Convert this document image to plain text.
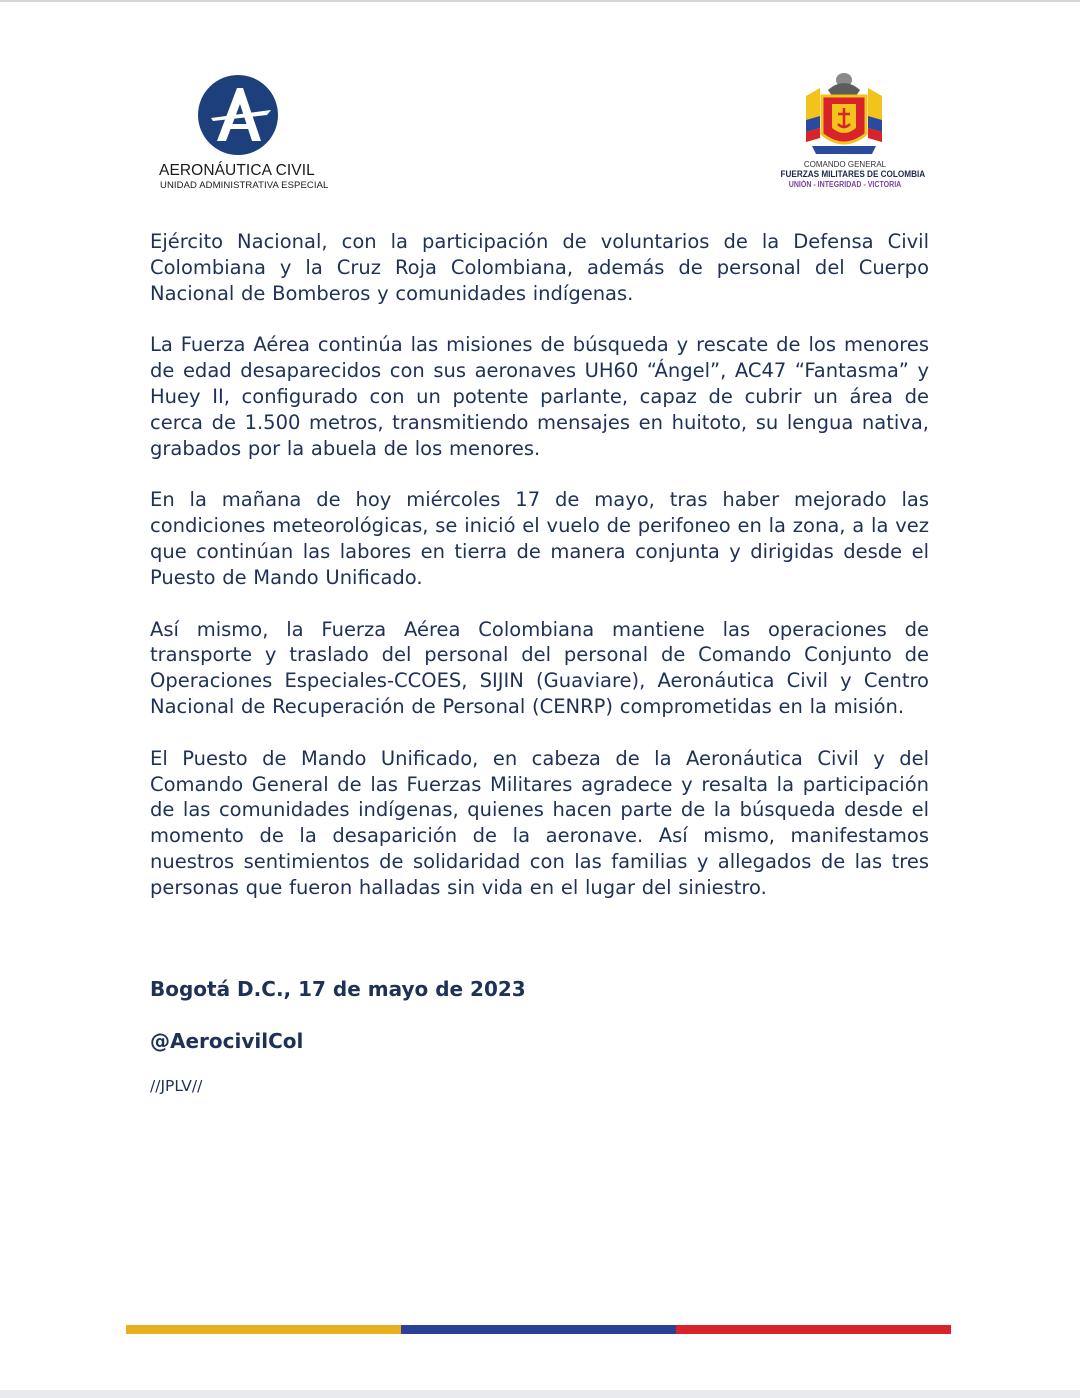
AERONÁUTICA CIVIL
UNIDAD ADMINISTRATIVA ESPECIAL
COMANDO GENERAL
FUERZAS MILITARES DE COLOMBIA
UNIÓN - INTEGRIDAD - VICTORIA

Ejército Nacional, con la participación de voluntarios de la Defensa Civil Colombiana y la Cruz Roja Colombiana, además de personal del Cuerpo Nacional de Bomberos y comunidades indígenas.

La Fuerza Aérea continúa las misiones de búsqueda y rescate de los menores de edad desaparecidos con sus aeronaves UH60 “Ángel”, AC47 “Fantasma” y Huey II, configurado con un potente parlante, capaz de cubrir un área de cerca de 1.500 metros, transmitiendo mensajes en huitoto, su lengua nativa, grabados por la abuela de los menores.

En la mañana de hoy miércoles 17 de mayo, tras haber mejorado las condiciones meteorológicas, se inició el vuelo de perifoneo en la zona, a la vez que continúan las labores en tierra de manera conjunta y dirigidas desde el Puesto de Mando Unificado.

Así mismo, la Fuerza Aérea Colombiana mantiene las operaciones de transporte y traslado del personal del personal de Comando Conjunto de Operaciones Especiales-CCOES, SIJIN (Guaviare), Aeronáutica Civil y Centro Nacional de Recuperación de Personal (CENRP) comprometidas en la misión.

El Puesto de Mando Unificado, en cabeza de la Aeronáutica Civil y del Comando General de las Fuerzas Militares agradece y resalta la participación de las comunidades indígenas, quienes hacen parte de la búsqueda desde el momento de la desaparición de la aeronave. Así mismo, manifestamos nuestros sentimientos de solidaridad con las familias y allegados de las tres personas que fueron halladas sin vida en el lugar del siniestro.

Bogotá D.C., 17 de mayo de 2023
@AerocivilCol
//JPLV//
